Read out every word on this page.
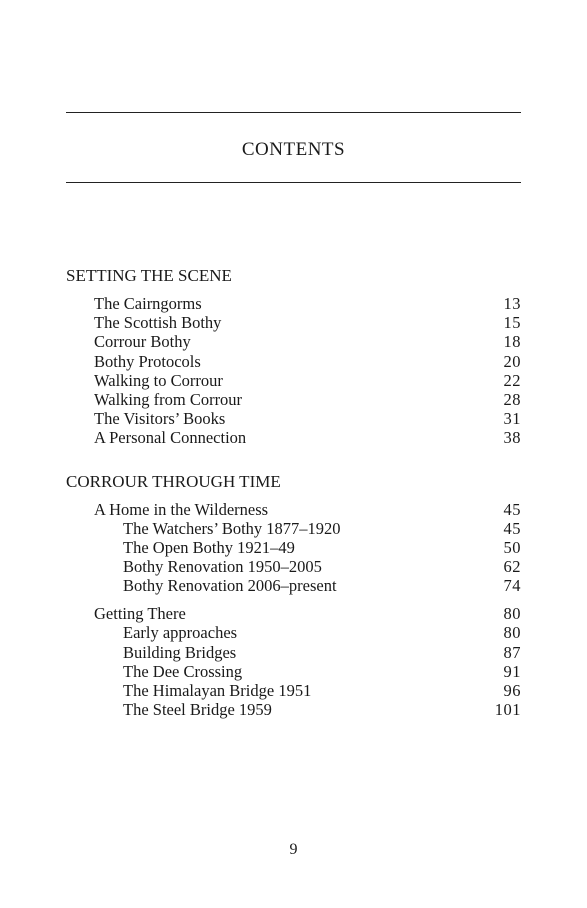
CONTENTS
SETTING THE SCENE
The Cairngorms	13
The Scottish Bothy	15
Corrour Bothy	18
Bothy Protocols	20
Walking to Corrour	22
Walking from Corrour	28
The Visitors’ Books	31
A Personal Connection	38
CORROUR THROUGH TIME
A Home in the Wilderness	45
The Watchers’ Bothy 1877–1920	45
The Open Bothy 1921–49	50
Bothy Renovation 1950–2005	62
Bothy Renovation 2006–present	74
Getting There	80
Early approaches	80
Building Bridges	87
The Dee Crossing	91
The Himalayan Bridge 1951	96
The Steel Bridge 1959	101
9
